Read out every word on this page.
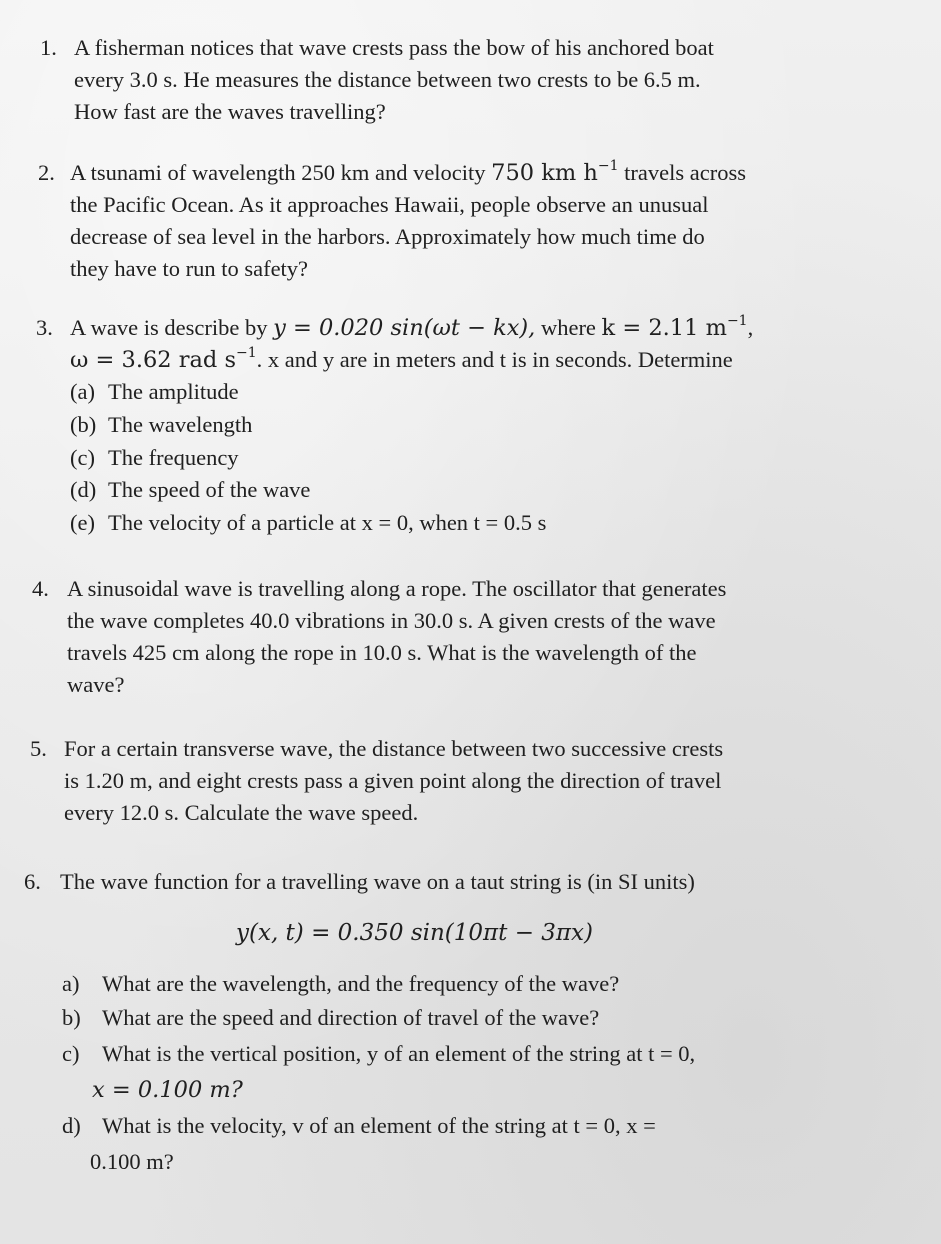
1. A fisherman notices that wave crests pass the bow of his anchored boat
every 3.0 s. He measures the distance between two crests to be 6.5 m.
How fast are the waves travelling?
2. A tsunami of wavelength 250 km and velocity 750 km $h^{-1}$ travels across
the Pacific Ocean. As it approaches Hawaii, people observe an unusual
decrease of sea level in the harbors. Approximately how much time do
they have to run to safety?
3. A wave is describe by y = 0.020 sin(ωt − kx), where k = 2.11 $m^{-1}$,
ω = 3.62 rad $s^{-1}$. x and y are in meters and t is in seconds. Determine
(a) The amplitude
(b) The wavelength
(c) The frequency
(d) The speed of the wave
(e) The velocity of a particle at x = 0, when t = 0.5 s
4. A sinusoidal wave is travelling along a rope. The oscillator that generates
the wave completes 40.0 vibrations in 30.0 s. A given crests of the wave
travels 425 cm along the rope in 10.0 s. What is the wavelength of the
wave?
5. For a certain transverse wave, the distance between two successive crests
is 1.20 m, and eight crests pass a given point along the direction of travel
every 12.0 s. Calculate the wave speed.
6. The wave function for a travelling wave on a taut string is (in SI units)
y(x, t) = 0.350 sin(10πt − 3πx)
a) What are the wavelength, and the frequency of the wave?
b) What are the speed and direction of travel of the wave?
c) What is the vertical position, y of an element of the string at t = 0,
x = 0.100 m?
d) What is the velocity, v of an element of the string at t = 0, x =
0.100 m?
